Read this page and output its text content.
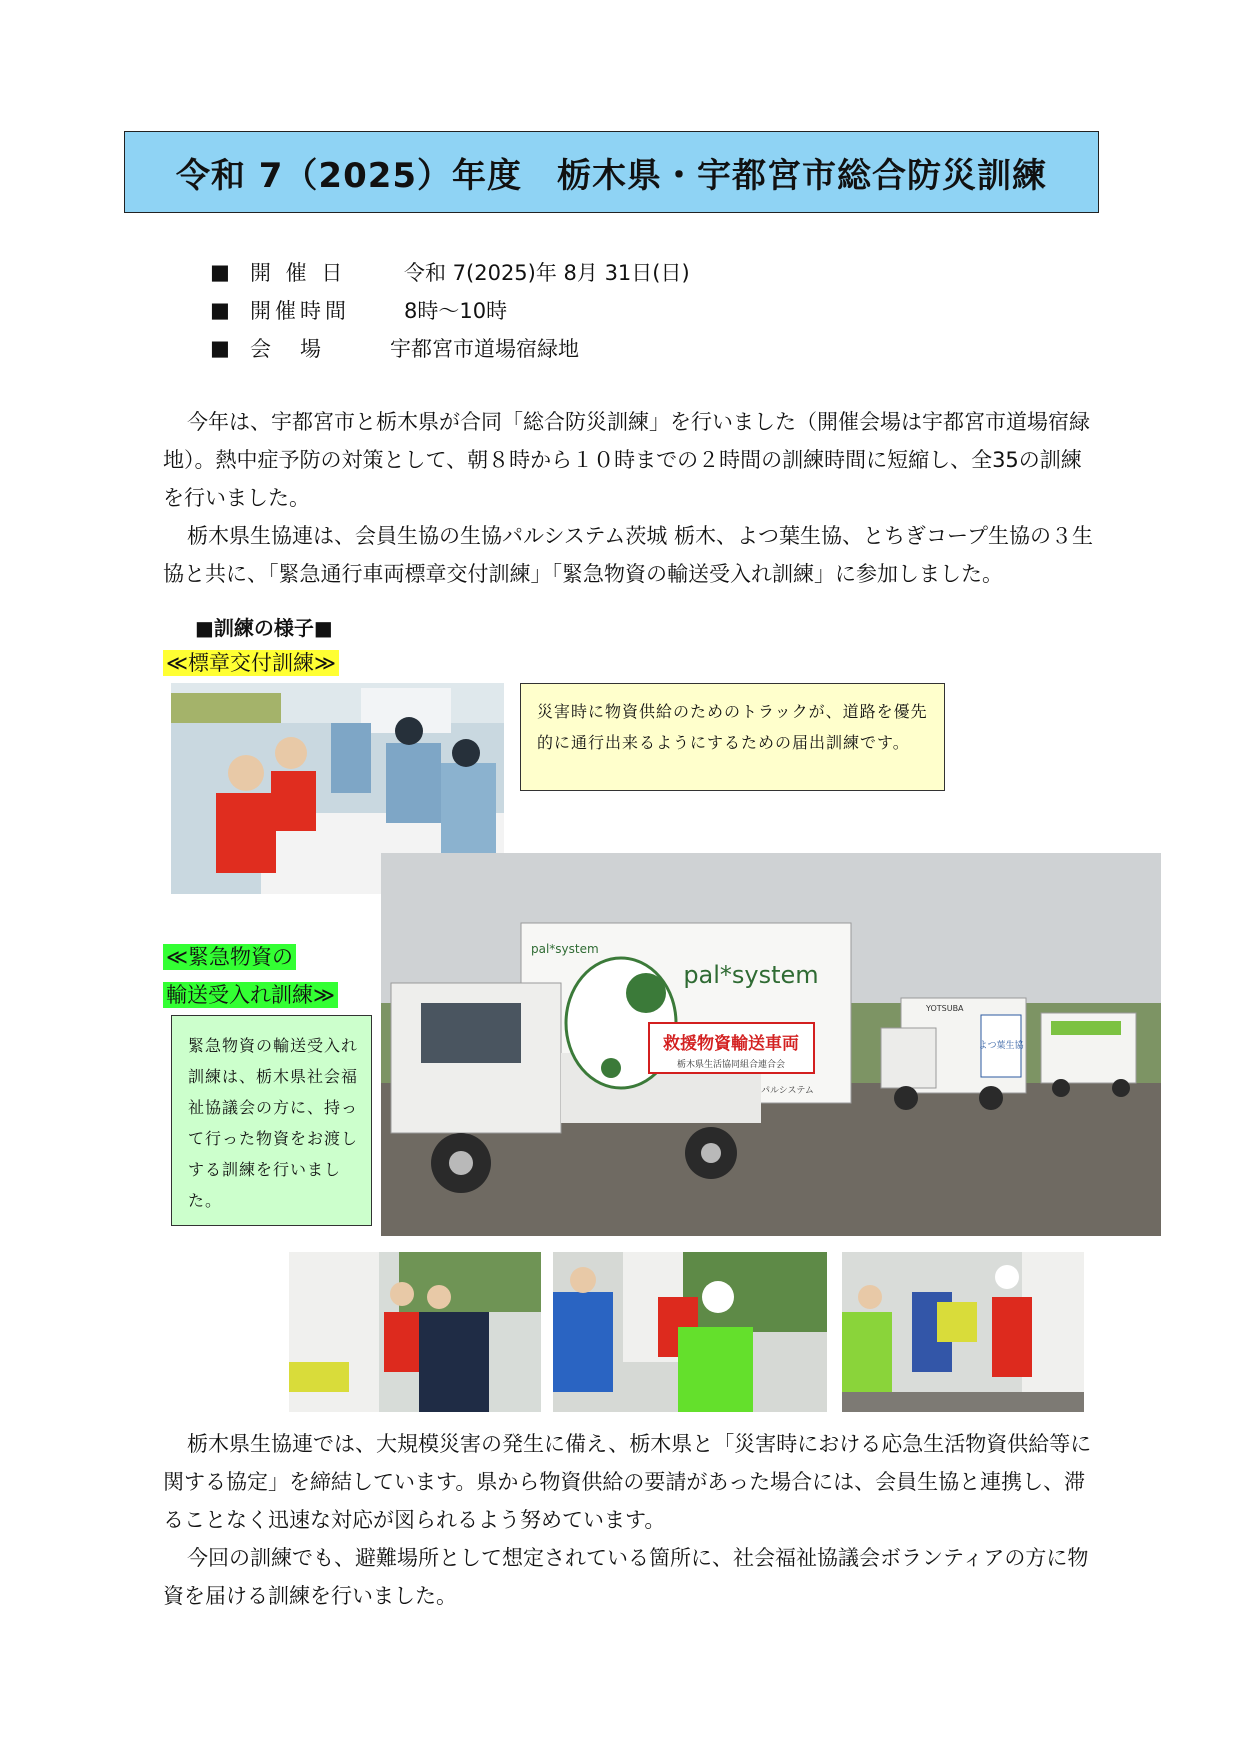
令和 7（2025）年度　栃木県・宇都宮市総合防災訓練
■ 開 催 日	令和 7(2025)年 8月 31日(日)
■ 開催時間	8時～10時
■ 会　場	宇都宮市道場宿緑地
今年は、宇都宮市と栃木県が合同「総合防災訓練」を行いました（開催会場は宇都宮市道場宿緑地）。熱中症予防の対策として、朝８時から１０時までの２時間の訓練時間に短縮し、全35の訓練を行いました。
栃木県生協連は、会員生協の生協パルシステム茨城 栃木、よつ葉生協、とちぎコープ生協の３生協と共に、「緊急通行車両標章交付訓練」「緊急物資の輸送受入れ訓練」に参加しました。
■訓練の様子■
≪標章交付訓練≫
災害時に物資供給のためのトラックが、道路を優先的に通行出来るようにするための届出訓練です。
≪緊急物資の
輸送受入れ訓練≫
緊急物資の輸送受入れ訓練は、栃木県社会福祉協議会の方に、持って行った物資をお渡しする訓練を行いました。
救援物資輸送車両
栃木県生活協同組合連合会
pal*system
pal*system
パルシステム
よつ葉生協
YOTSUBA
栃木県生協連では、大規模災害の発生に備え、栃木県と「災害時における応急生活物資供給等に関する協定」を締結しています。県から物資供給の要請があった場合には、会員生協と連携し、滞ることなく迅速な対応が図られるよう努めています。
今回の訓練でも、避難場所として想定されている箇所に、社会福祉協議会ボランティアの方に物資を届ける訓練を行いました。
